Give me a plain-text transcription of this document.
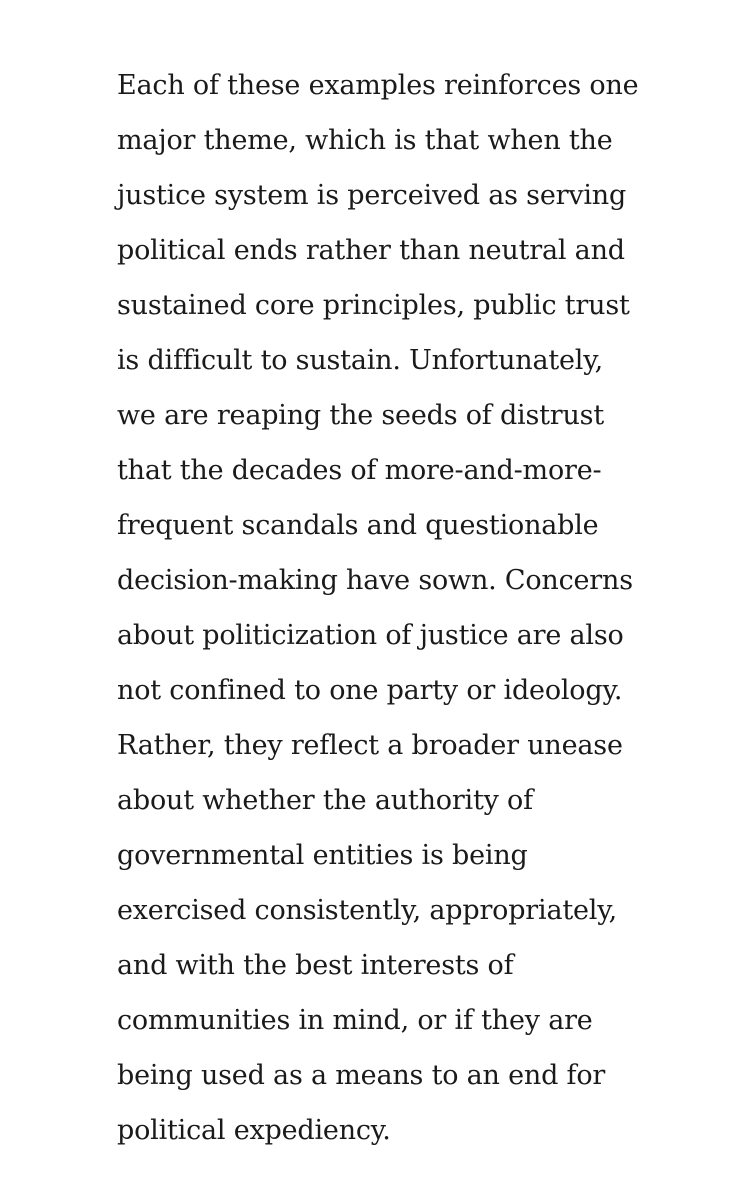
Each of these examples reinforces one
major theme, which is that when the
justice system is perceived as serving
political ends rather than neutral and
sustained core principles, public trust
is difficult to sustain. Unfortunately,
we are reaping the seeds of distrust
that the decades of more-and-more-
frequent scandals and questionable
decision-making have sown. Concerns
about politicization of justice are also
not confined to one party or ideology.
Rather, they reflect a broader unease
about whether the authority of
governmental entities is being
exercised consistently, appropriately,
and with the best interests of
communities in mind, or if they are
being used as a means to an end for
political expediency.
